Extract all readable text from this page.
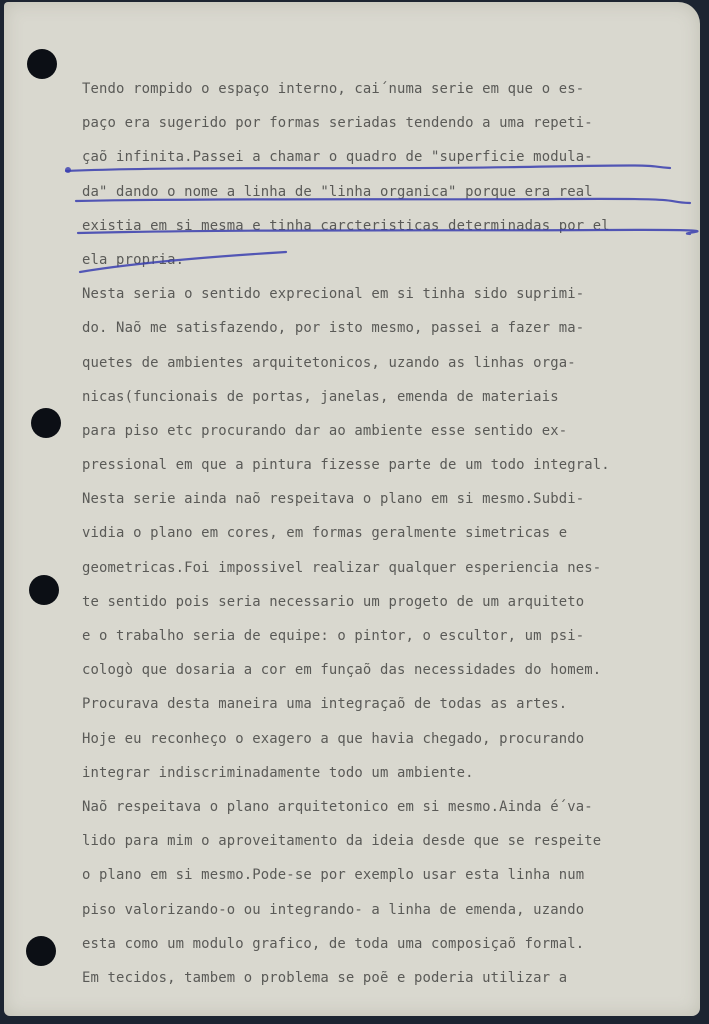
Tendo rompido o espaço interno, cai´numa serie em que o es-
paço era sugerido por formas seriadas tendendo a uma repeti-
çaõ infinita.Passei a chamar o quadro de "superficie modula-
da" dando o nome a linha de "linha organica" porque era real
existia em si mesma e tinha carcteristicas determinadas por el
ela propria.
Nesta seria o sentido exprecional em si tinha sido suprimi-
do. Naõ me satisfazendo, por isto mesmo, passei a fazer ma-
quetes de ambientes arquitetonicos, uzando as linhas orga-
nicas(funcionais de portas, janelas, emenda de materiais
para piso etc procurando dar ao ambiente esse sentido ex-
pressional em que a pintura fizesse parte de um todo integral.
Nesta serie ainda naõ respeitava o plano em si mesmo.Subdi-
vidia o plano em cores, em formas geralmente simetricas e
geometricas.Foi impossivel realizar qualquer esperiencia nes-
te sentido pois seria necessario um progeto de um arquiteto
e o trabalho seria de equipe: o pintor, o escultor, um psi-
cologò que dosaria a cor em funçaõ das necessidades do homem.
Procurava desta maneira uma integraçaõ de todas as artes.
Hoje eu reconheço o exagero a que havia chegado, procurando
integrar indiscriminadamente todo um ambiente.
Naõ respeitava o plano arquitetonico em si mesmo.Ainda é´va-
lido para mim o aproveitamento da ideia desde que se respeite
o plano em si mesmo.Pode-se por exemplo usar esta linha num
piso valorizando-o ou integrando- a linha de emenda, uzando
esta como um modulo grafico, de toda uma composiçaõ formal.
Em tecidos, tambem o problema se poẽ e poderia utilizar a
